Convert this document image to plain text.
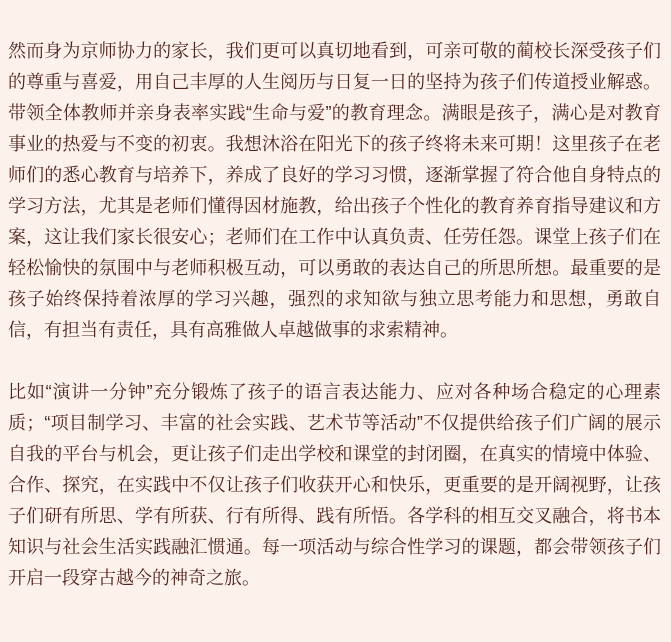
然而身为京师协力的家长，我们更可以真切地看到，可亲可敬的蔺校长深受孩子们
的尊重与喜爱，用自己丰厚的人生阅历与日复一日的坚持为孩子们传道授业解惑。
带领全体教师并亲身表率实践“生命与爱”的教育理念。满眼是孩子，满心是对教育
事业的热爱与不变的初衷。我想沐浴在阳光下的孩子终将未来可期！这里孩子在老
师们的悉心教育与培养下，养成了良好的学习习惯，逐渐掌握了符合他自身特点的
学习方法，尤其是老师们懂得因材施教，给出孩子个性化的教育养育指导建议和方
案，这让我们家长很安心；老师们在工作中认真负责、任劳任怨。课堂上孩子们在
轻松愉快的氛围中与老师积极互动，可以勇敢的表达自己的所思所想。最重要的是
孩子始终保持着浓厚的学习兴趣，强烈的求知欲与独立思考能力和思想，勇敢自
信，有担当有责任，具有高雅做人卓越做事的求索精神。
比如“演讲一分钟”充分锻炼了孩子的语言表达能力、应对各种场合稳定的心理素
质；“项目制学习、丰富的社会实践、艺术节等活动”不仅提供给孩子们广阔的展示
自我的平台与机会，更让孩子们走出学校和课堂的封闭圈，在真实的情境中体验、
合作、探究，在实践中不仅让孩子们收获开心和快乐，更重要的是开阔视野，让孩
子们研有所思、学有所获、行有所得、践有所悟。各学科的相互交叉融合，将书本
知识与社会生活实践融汇惯通。每一项活动与综合性学习的课题，都会带领孩子们
开启一段穿古越今的神奇之旅。
